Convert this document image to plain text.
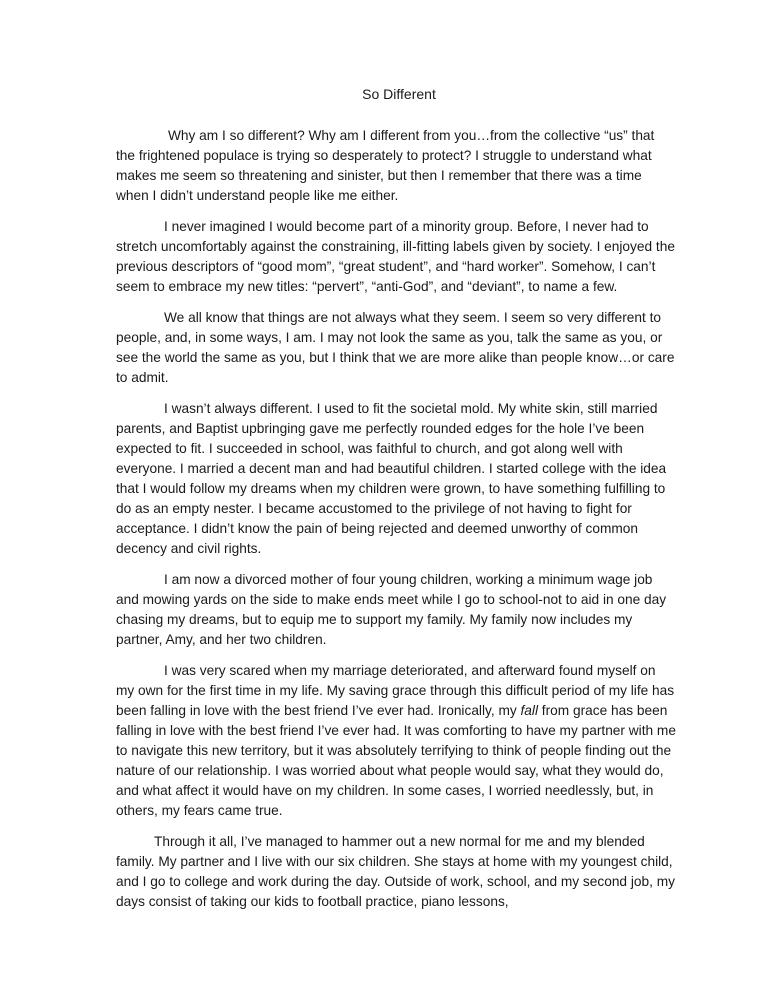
So Different

Why am I so different? Why am I different from you…from the collective “us” that the frightened populace is trying so desperately to protect? I struggle to understand what makes me seem so threatening and sinister, but then I remember that there was a time when I didn’t understand people like me either.

I never imagined I would become part of a minority group. Before, I never had to stretch uncomfortably against the constraining, ill-fitting labels given by society. I enjoyed the previous descriptors of “good mom”, “great student”, and “hard worker”. Somehow, I can’t seem to embrace my new titles: “pervert”, “anti-God”, and “deviant”, to name a few.

We all know that things are not always what they seem. I seem so very different to people, and, in some ways, I am. I may not look the same as you, talk the same as you, or see the world the same as you, but I think that we are more alike than people know…or care to admit.

I wasn’t always different. I used to fit the societal mold. My white skin, still married parents, and Baptist upbringing gave me perfectly rounded edges for the hole I’ve been expected to fit. I succeeded in school, was faithful to church, and got along well with everyone. I married a decent man and had beautiful children. I started college with the idea that I would follow my dreams when my children were grown, to have something fulfilling to do as an empty nester. I became accustomed to the privilege of not having to fight for acceptance. I didn’t know the pain of being rejected and deemed unworthy of common decency and civil rights.

I am now a divorced mother of four young children, working a minimum wage job and mowing yards on the side to make ends meet while I go to school-not to aid in one day chasing my dreams, but to equip me to support my family. My family now includes my partner, Amy, and her two children.

I was very scared when my marriage deteriorated, and afterward found myself on my own for the first time in my life. My saving grace through this difficult period of my life has been falling in love with the best friend I’ve ever had. Ironically, my fall from grace has been falling in love with the best friend I’ve ever had. It was comforting to have my partner with me to navigate this new territory, but it was absolutely terrifying to think of people finding out the nature of our relationship. I was worried about what people would say, what they would do, and what affect it would have on my children. In some cases, I worried needlessly, but, in others, my fears came true.

Through it all, I’ve managed to hammer out a new normal for me and my blended family. My partner and I live with our six children. She stays at home with my youngest child, and I go to college and work during the day. Outside of work, school, and my second job, my days consist of taking our kids to football practice, piano lessons,
